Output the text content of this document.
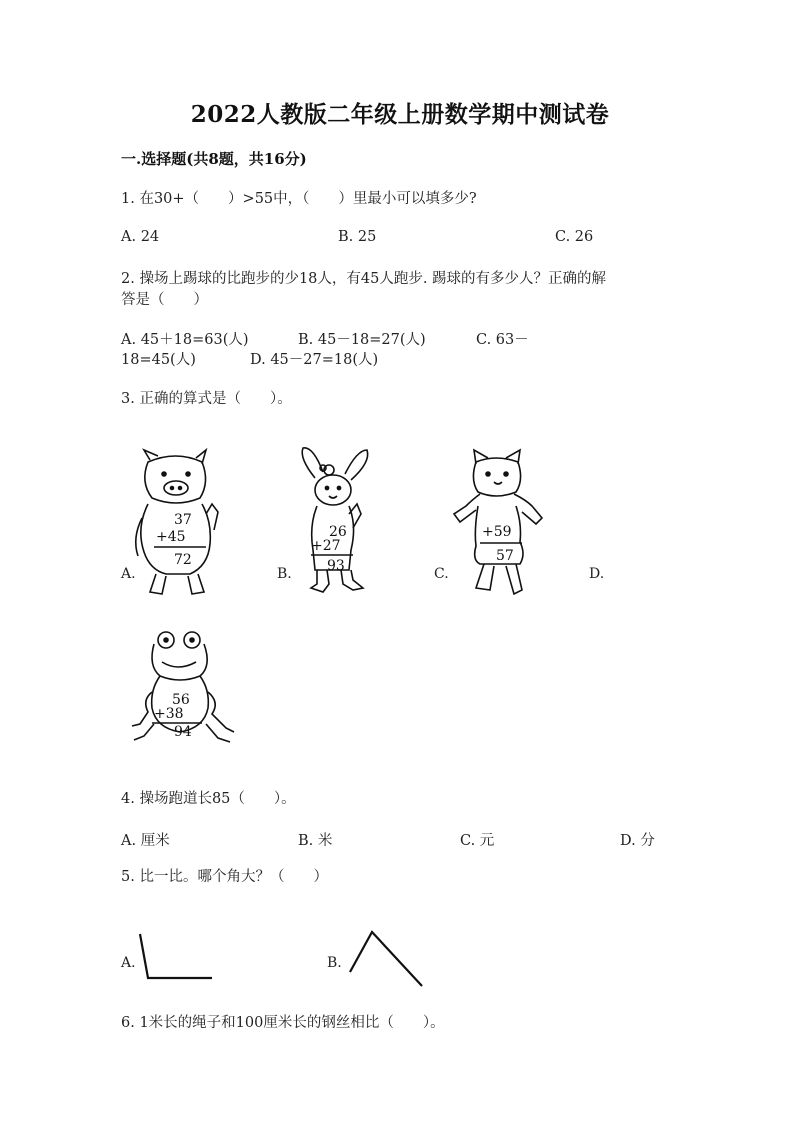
2022人教版二年级上册数学期中测试卷
一.选择题(共8题，共16分)
1. 在30+（　　）>55中，（　　）里最小可以填多少?
A. 24	B. 25	C. 26
2. 操场上踢球的比跑步的少18人，有45人跑步. 踢球的有多少人？正确的解
答是（　　）
A. 45＋18=63(人)	B. 45－18=27(人)	C. 63－
18=45(人)	D. 45－27=18(人)
3. 正确的算式是（　　）。
A.	B.	C.	D.
37
+45
72
26
+27
93
+59
57
56
+38
94
4. 操场跑道长85（　　）。
A. 厘米	B. 米	C. 元	D. 分
5. 比一比。哪个角大？（　　）
A.	B.
6. 1米长的绳子和100厘米长的钢丝相比（　　）。
